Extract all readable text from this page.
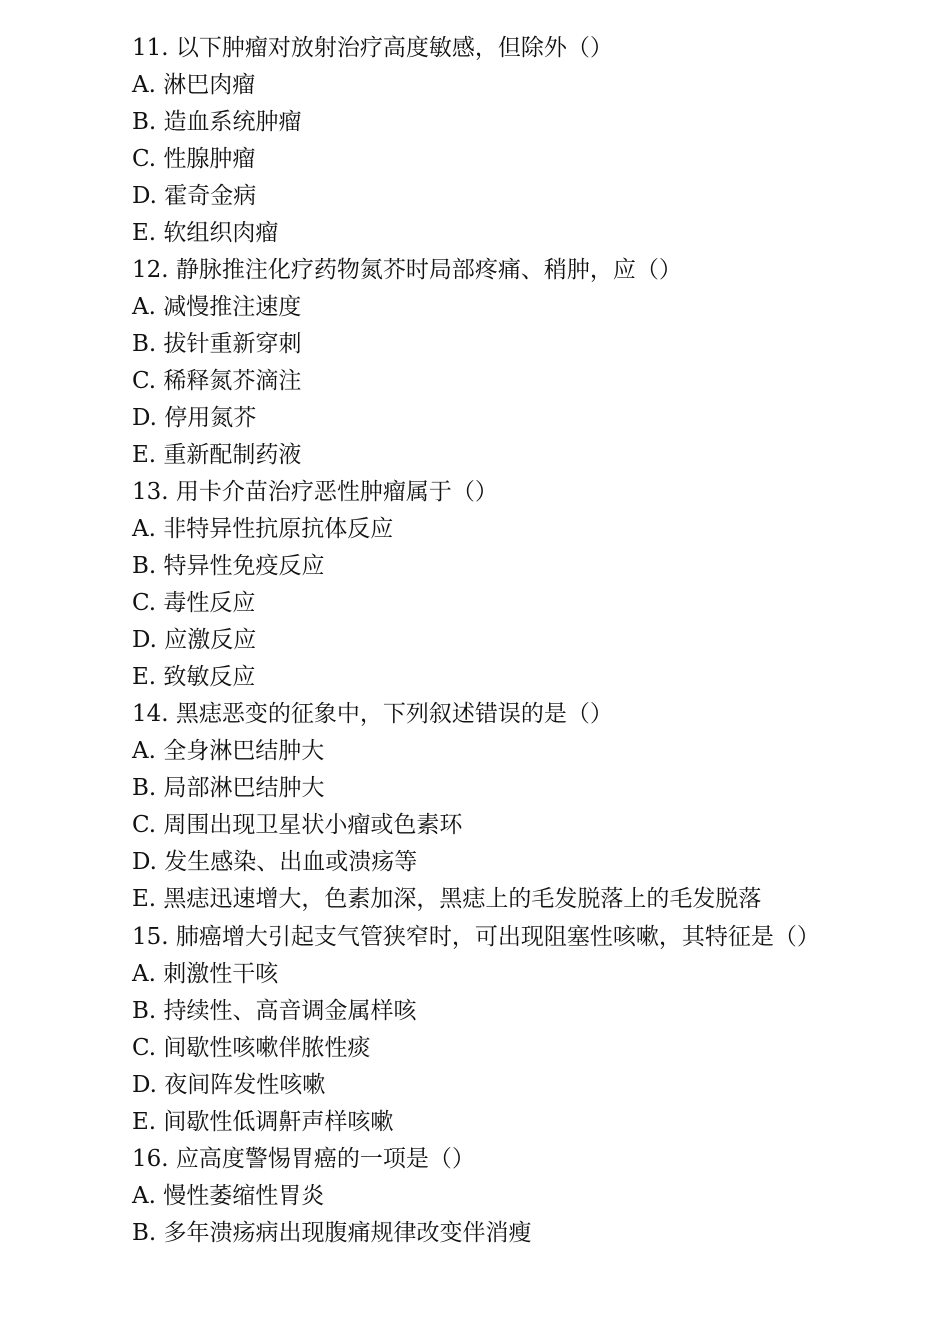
11. 以下肿瘤对放射治疗高度敏感，但除外（）
A. 淋巴肉瘤
B. 造血系统肿瘤
C. 性腺肿瘤
D. 霍奇金病
E. 软组织肉瘤
12. 静脉推注化疗药物氮芥时局部疼痛、稍肿，应（）
A. 减慢推注速度
B. 拔针重新穿刺
C. 稀释氮芥滴注
D. 停用氮芥
E. 重新配制药液
13. 用卡介苗治疗恶性肿瘤属于（）
A. 非特异性抗原抗体反应
B. 特异性免疫反应
C. 毒性反应
D. 应激反应
E. 致敏反应
14. 黑痣恶变的征象中，下列叙述错误的是（）
A. 全身淋巴结肿大
B. 局部淋巴结肿大
C. 周围出现卫星状小瘤或色素环
D. 发生感染、出血或溃疡等
E. 黑痣迅速增大，色素加深，黑痣上的毛发脱落上的毛发脱落
15. 肺癌增大引起支气管狭窄时，可出现阻塞性咳嗽，其特征是（）
A. 刺激性干咳
B. 持续性、高音调金属样咳
C. 间歇性咳嗽伴脓性痰
D. 夜间阵发性咳嗽
E. 间歇性低调鼾声样咳嗽
16. 应高度警惕胃癌的一项是（）
A. 慢性萎缩性胃炎
B. 多年溃疡病出现腹痛规律改变伴消瘦
